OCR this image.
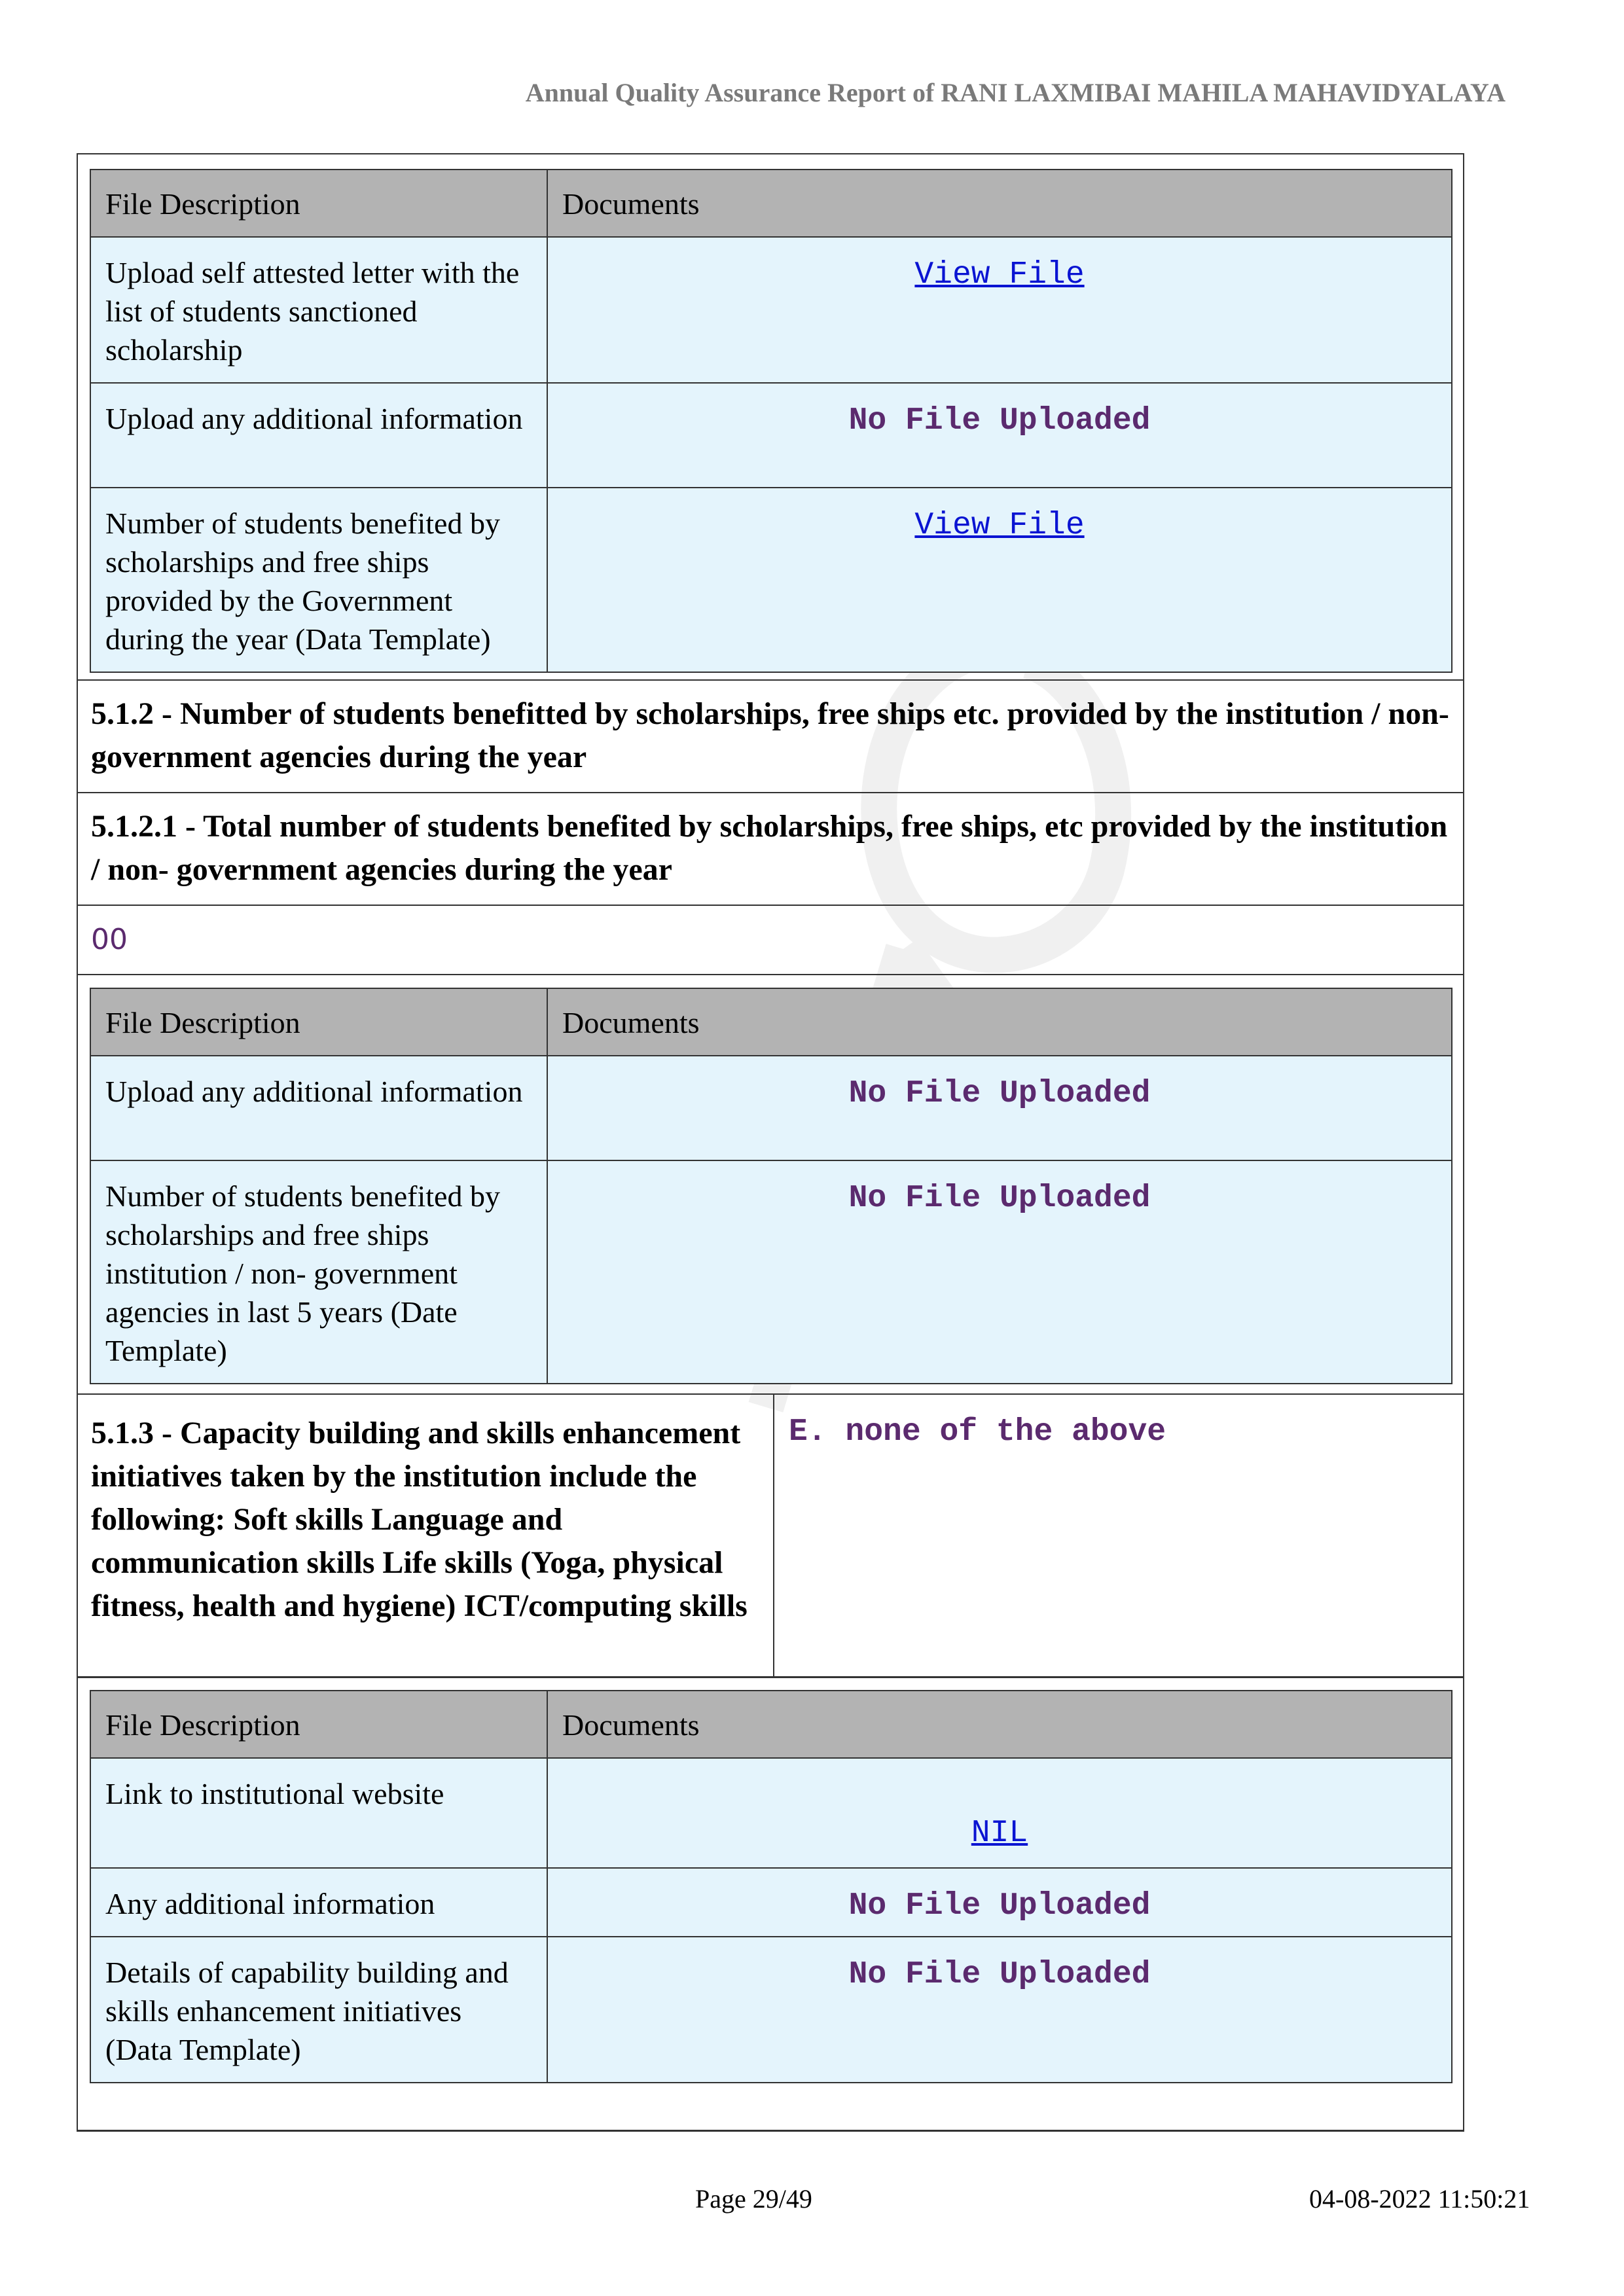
Annual Quality Assurance Report of RANI LAXMIBAI MAHILA MAHAVIDYALAYA
File Description	Documents
Upload self attested letter with the list of students sanctioned scholarship	View File
Upload any additional information	No File Uploaded
Number of students benefited by scholarships and free ships provided by the Government during the year (Data Template)	View File
5.1.2 - Number of students benefitted by scholarships, free ships etc. provided by the institution / non- government agencies during the year
5.1.2.1 - Total number of students benefited by scholarships, free ships, etc provided by the institution / non- government agencies during the year
00
File Description	Documents
Upload any additional information	No File Uploaded
Number of students benefited by scholarships and free ships institution / non- government agencies in last 5 years (Date Template)	No File Uploaded
5.1.3 - Capacity building and skills enhancement initiatives taken by the institution include the following: Soft skills Language and communication skills Life skills (Yoga, physical fitness, health and hygiene) ICT/computing skills
E. none of the above
File Description	Documents
Link to institutional website	NIL
Any additional information	No File Uploaded
Details of capability building and skills enhancement initiatives (Data Template)	No File Uploaded
Page 29/49	04-08-2022 11:50:21
